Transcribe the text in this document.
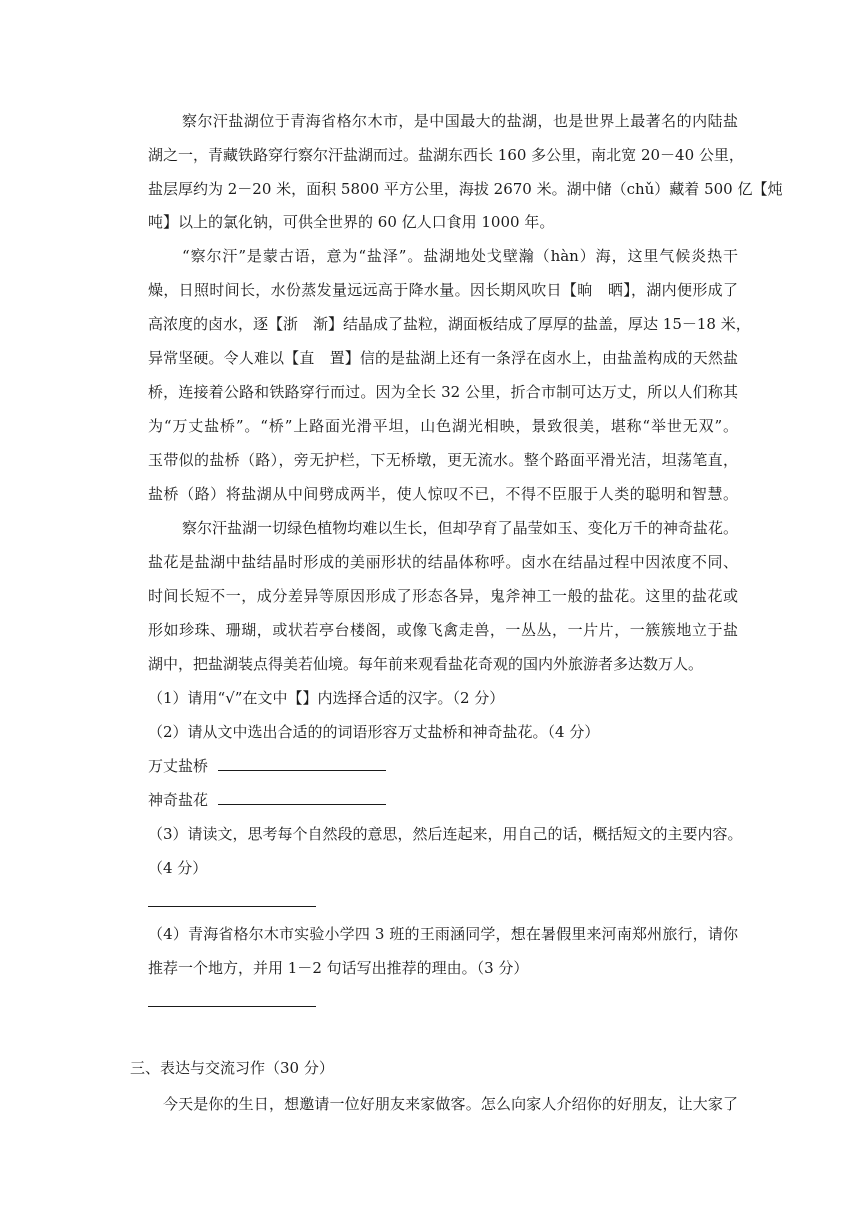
察尔汗盐湖位于青海省格尔木市，是中国最大的盐湖，也是世界上最著名的内陆盐
湖之一，青藏铁路穿行察尔汗盐湖而过。盐湖东西长 160 多公里，南北宽 20－40 公里，
盐层厚约为 2－20 米，面积 5800 平方公里，海拔 2670 米。湖中储（chǔ）藏着 500 亿【炖
吨】以上的氯化钠，可供全世界的 60 亿人口食用 1000 年。
“察尔汗”是蒙古语，意为“盐泽”。盐湖地处戈壁瀚（hàn）海，这里气候炎热干
燥，日照时间长，水份蒸发量远远高于降水量。因长期风吹日【晌　晒】，湖内便形成了
高浓度的卤水，逐【浙　渐】结晶成了盐粒，湖面板结成了厚厚的盐盖，厚达 15－18 米，
异常坚硬。令人难以【直　置】信的是盐湖上还有一条浮在卤水上，由盐盖构成的天然盐
桥，连接着公路和铁路穿行而过。因为全长 32 公里，折合市制可达万丈，所以人们称其
为“万丈盐桥”。“桥”上路面光滑平坦，山色湖光相映，景致很美，堪称“举世无双”。
玉带似的盐桥（路），旁无护栏，下无桥墩，更无流水。整个路面平滑光洁，坦荡笔直，
盐桥（路）将盐湖从中间劈成两半，使人惊叹不已，不得不臣服于人类的聪明和智慧。
察尔汗盐湖一切绿色植物均难以生长，但却孕育了晶莹如玉、变化万千的神奇盐花。
盐花是盐湖中盐结晶时形成的美丽形状的结晶体称呼。卤水在结晶过程中因浓度不同、
时间长短不一，成分差异等原因形成了形态各异，鬼斧神工一般的盐花。这里的盐花或
形如珍珠、珊瑚，或状若亭台楼阁，或像飞禽走兽，一丛丛，一片片，一簇簇地立于盐
湖中，把盐湖装点得美若仙境。每年前来观看盐花奇观的国内外旅游者多达数万人。
（1）请用“√”在文中【】内选择合适的汉字。（2 分）
（2）请从文中选出合适的的词语形容万丈盐桥和神奇盐花。（4 分）
万丈盐桥
神奇盐花
（3）请读文，思考每个自然段的意思，然后连起来，用自己的话，概括短文的主要内容。
（4 分）
（4）青海省格尔木市实验小学四 3 班的王雨涵同学，想在暑假里来河南郑州旅行，请你
推荐一个地方，并用 1－2 句话写出推荐的理由。（3 分）
三、表达与交流习作（30 分）
今天是你的生日，想邀请一位好朋友来家做客。怎么向家人介绍你的好朋友，让大家了
